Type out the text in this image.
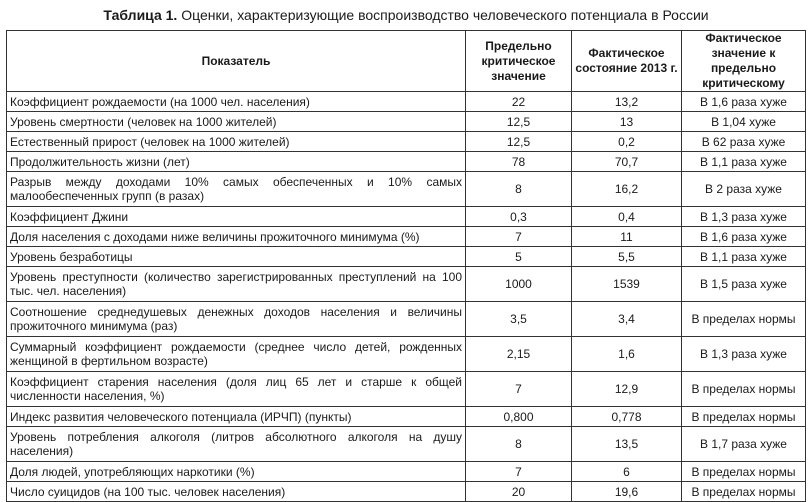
Таблица 1. Оценки, характеризующие воспроизводство человеческого потенциала в России
Показатель	Предельно критическое значение	Фактическое состояние 2013 г.	Фактическое значение к предельно критическому
Коэффициент рождаемости (на 1000 чел. населения)	22	13,2	В 1,6 раза хуже
Уровень смертности (человек на 1000 жителей)	12,5	13	В 1,04 хуже
Естественный прирост (человек на 1000 жителей)	12,5	0,2	В 62 раза хуже
Продолжительность жизни (лет)	78	70,7	В 1,1 раза хуже
Разрыв между доходами 10% самых обеспеченных и 10% самых малообеспеченных групп (в разах)	8	16,2	В 2 раза хуже
Коэффициент Джини	0,3	0,4	В 1,3 раза хуже
Доля населения с доходами ниже величины прожиточного минимума (%)	7	11	В 1,6 раза хуже
Уровень безработицы	5	5,5	В 1,1 раза хуже
Уровень преступности (количество зарегистрированных преступлений на 100 тыс. чел. населения)	1000	1539	В 1,5 раза хуже
Соотношение среднедушевых денежных доходов населения и величины прожиточного минимума (раз)	3,5	3,4	В пределах нормы
Суммарный коэффициент рождаемости (среднее число детей, рожденных женщиной в фертильном возрасте)	2,15	1,6	В 1,3 раза хуже
Коэффициент старения населения (доля лиц 65 лет и старше к общей численности населения, %)	7	12,9	В пределах нормы
Индекс развития человеческого потенциала (ИРЧП) (пункты)	0,800	0,778	В пределах нормы
Уровень потребления алкоголя (литров абсолютного алкоголя на душу населения)	8	13,5	В 1,7 раза хуже
Доля людей, употребляющих наркотики (%)	7	6	В пределах нормы
Число суицидов (на 100 тыс. человек населения)	20	19,6	В пределах нормы
